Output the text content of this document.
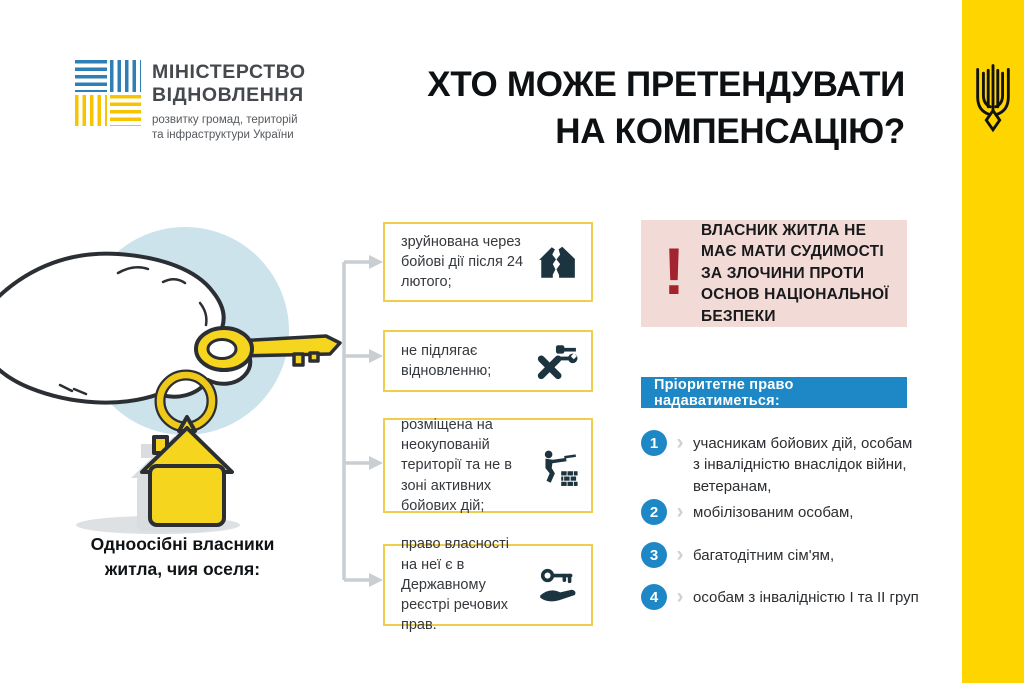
МІНІСТЕРСТВО
ВІДНОВЛЕННЯ
розвитку громад, територій
та інфраструктури України
ХТО МОЖЕ ПРЕТЕНДУВАТИ
НА КОМПЕНСАЦІЮ?
Одноосібні власники
житла, чия оселя:
зруйнована через бойові дії після 24 лютого;
не підлягає відновленню;
розміщена на неокупованій території та не в зоні активних бойових дій;
право власності на неї є в Державному реєстрі речових прав.
!
ВЛАСНИК ЖИТЛА НЕ МАЄ МАТИ СУДИМОСТІ ЗА ЗЛОЧИНИ ПРОТИ ОСНОВ НАЦІОНАЛЬНОЇ БЕЗПЕКИ
Пріоритетне право надаватиметься:
1 › учасникам бойових дій, особам з інвалідністю внаслідок війни, ветеранам,
2 › мобілізованим особам,
3 › багатодітним сім'ям,
4 › особам з інвалідністю І та ІІ груп
